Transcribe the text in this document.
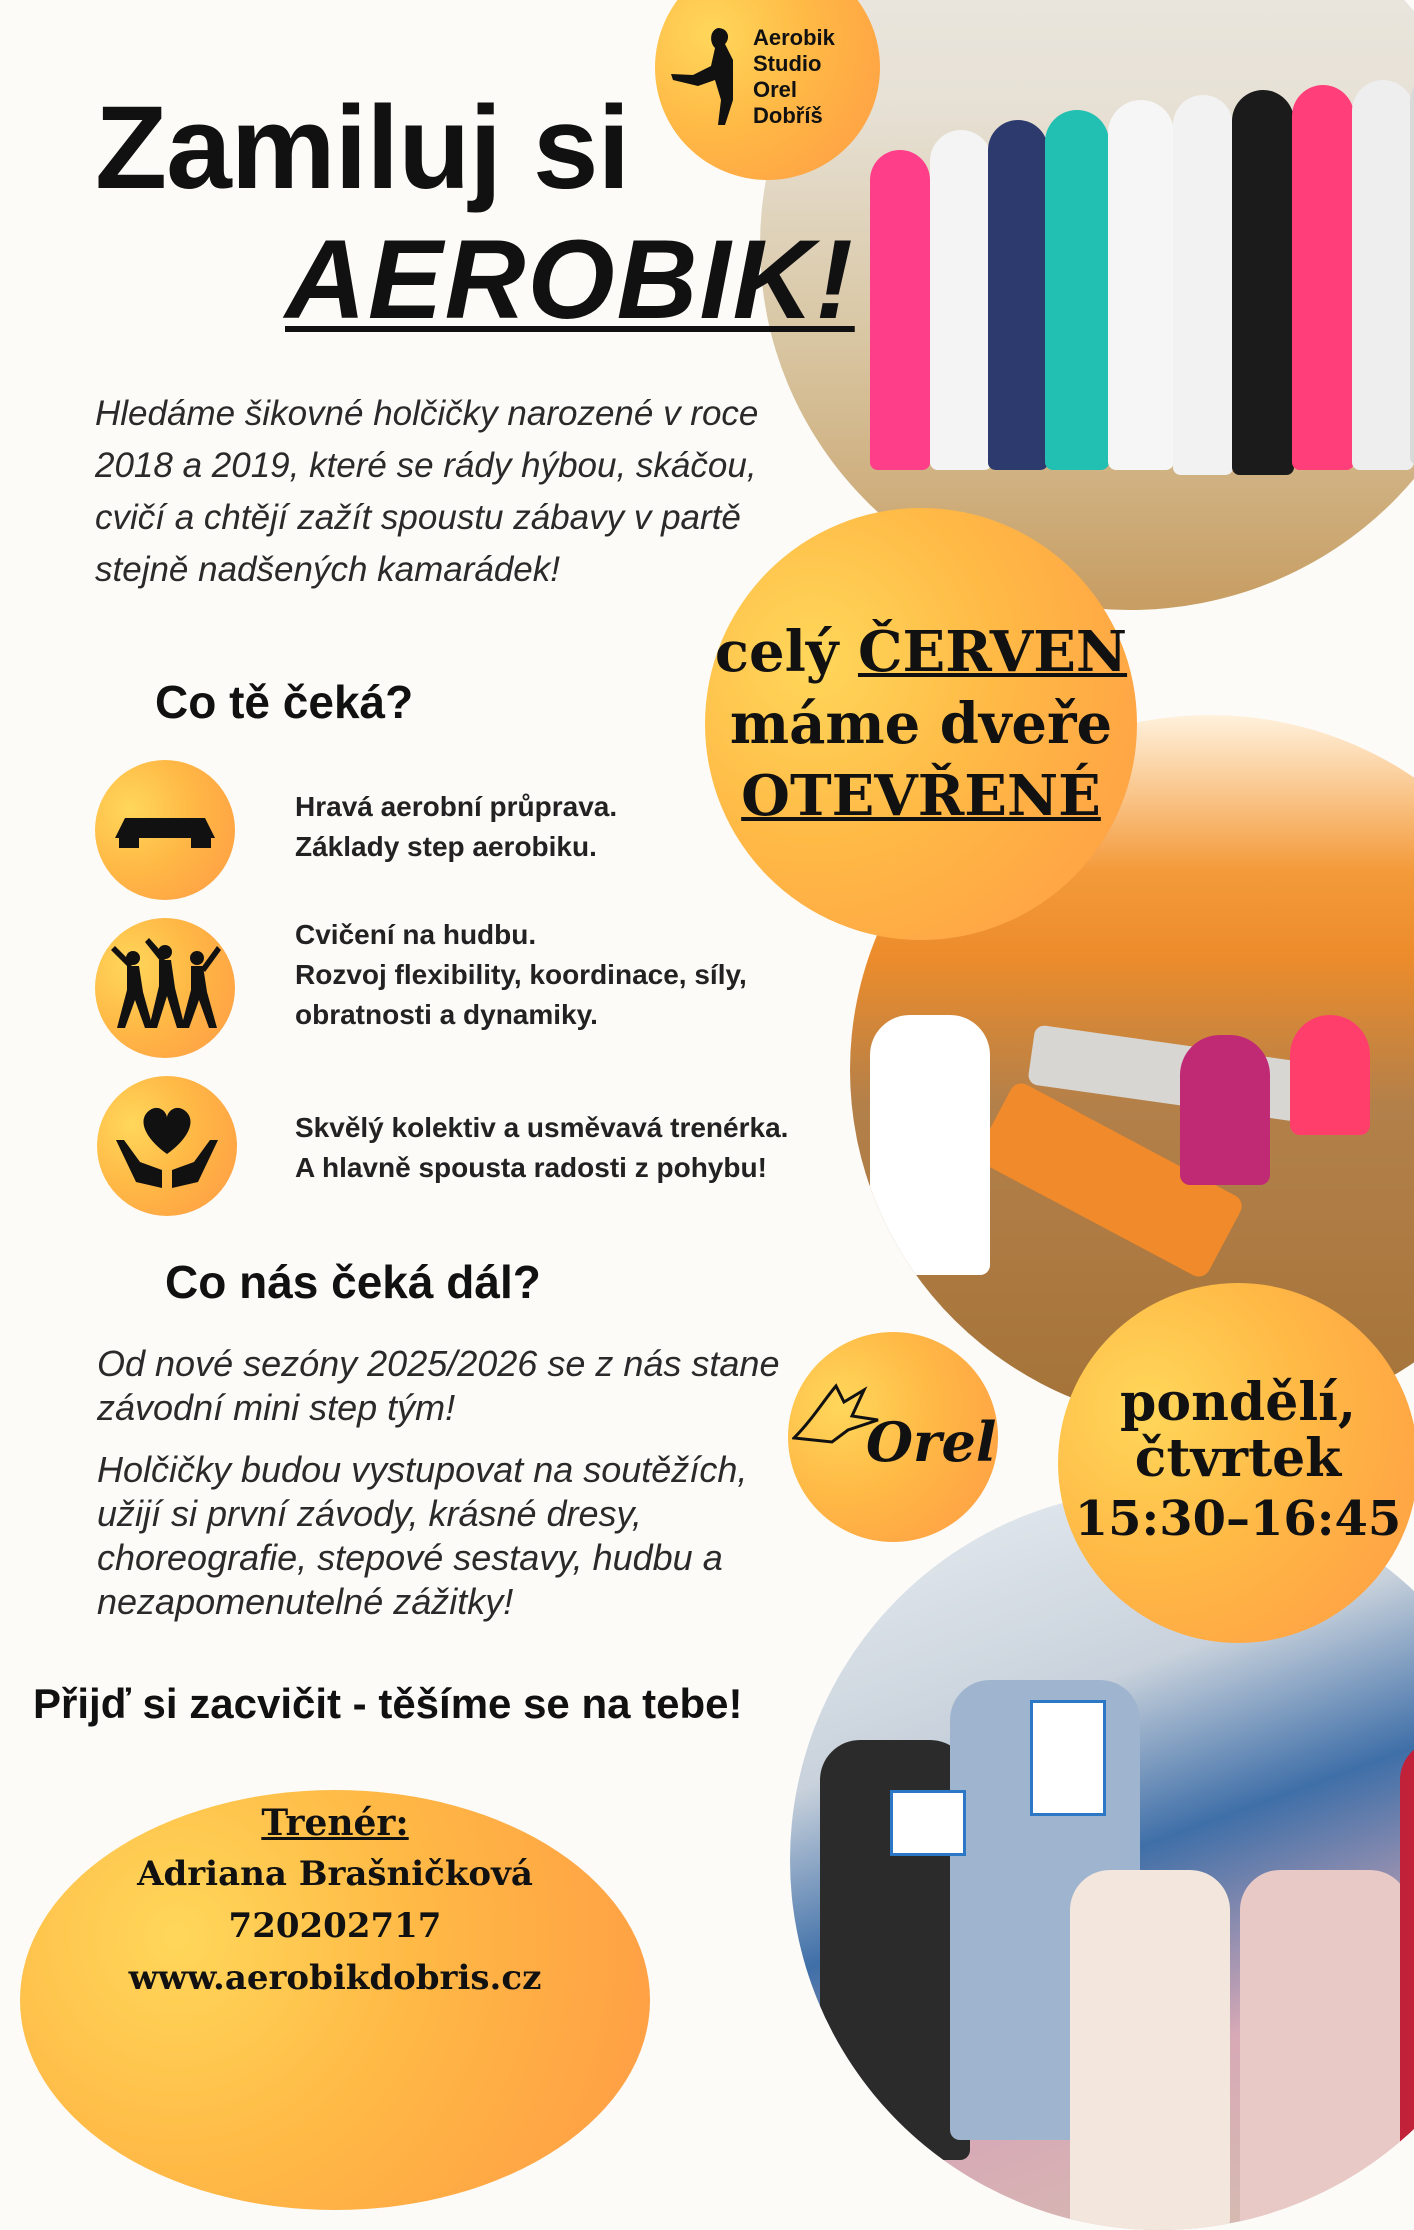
Aerobik
Studio
Orel
Dobříš
Zamiluj si
AEROBIK!
Hledáme šikovné holčičky narozené v roce 2018 a 2019, které se rády hýbou, skáčou, cvičí a chtějí zažít spoustu zábavy v partě stejně nadšených kamarádek!
Co tě čeká?
Hravá aerobní průprava.
Základy step aerobiku.
Cvičení na hudbu.
Rozvoj flexibility, koordinace, síly,
obratnosti a dynamiky.
Skvělý kolektiv a usměvavá trenérka.
A hlavně spousta radosti z pohybu!
celý ČERVEN
máme dveře
OTEVŘENÉ
Co nás čeká dál?
Od nové sezóny 2025/2026 se z nás stane závodní mini step tým!
Holčičky budou vystupovat na soutěžích, užijí si první závody, krásné dresy, choreografie, stepové sestavy, hudbu a nezapomenutelné zážitky!
Orel
pondělí,
čtvrtek
15:30–16:45
Přijď si zacvičit - těšíme se na tebe!
Trenér:
Adriana Brašničková
720202717
www.aerobikdobris.cz
